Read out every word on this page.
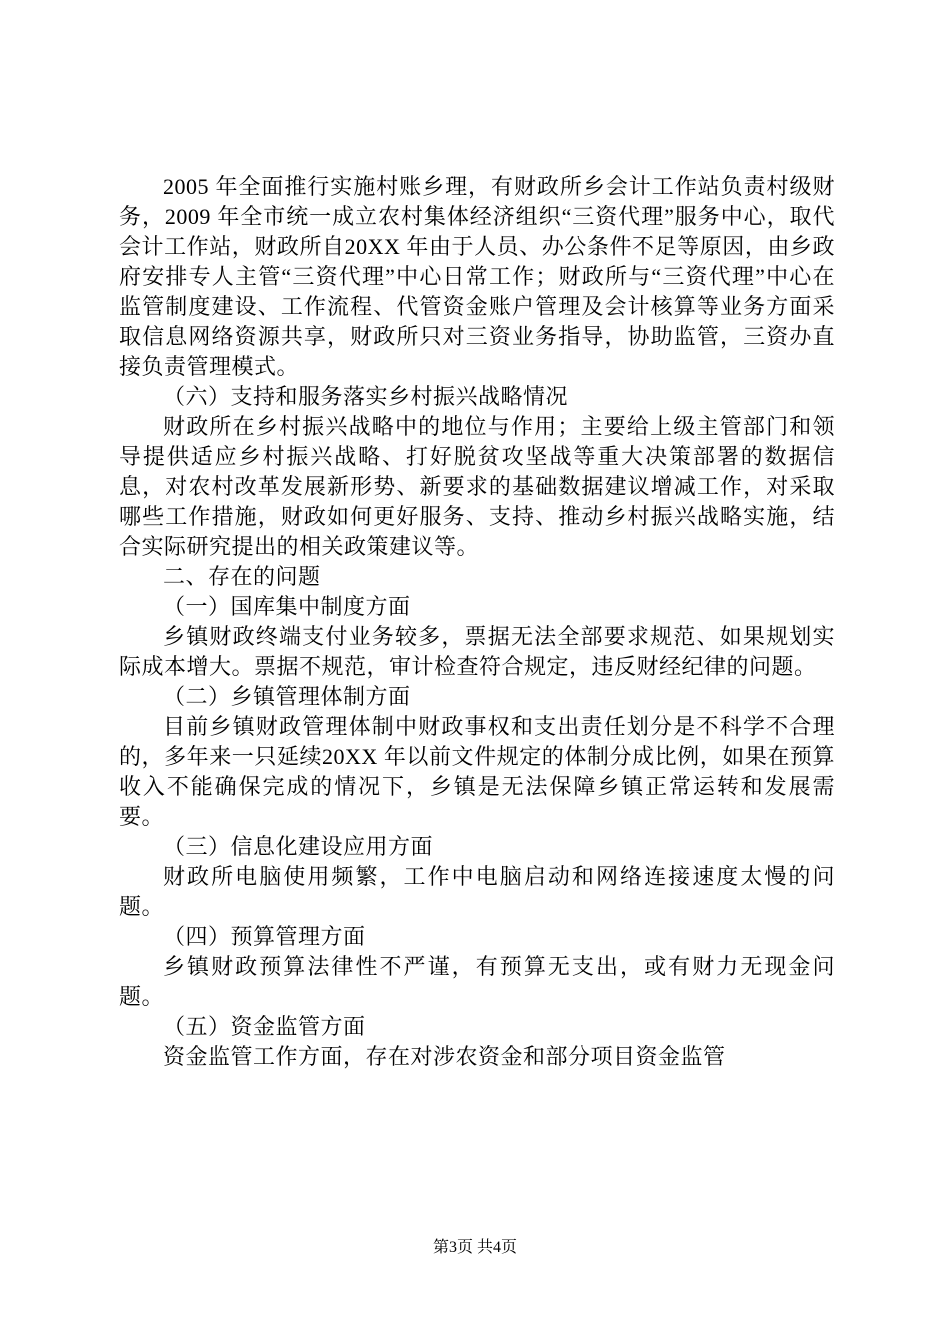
2005 年全面推行实施村账乡理，有财政所乡会计工作站负责村级财务，2009 年全市统一成立农村集体经济组织“三资代理”服务中心，取代会计工作站，财政所自20XX 年由于人员、办公条件不足等原因，由乡政府安排专人主管“三资代理”中心日常工作；财政所与“三资代理”中心在监管制度建设、工作流程、代管资金账户管理及会计核算等业务方面采取信息网络资源共享，财政所只对三资业务指导，协助监管，三资办直接负责管理模式。

（六）支持和服务落实乡村振兴战略情况

财政所在乡村振兴战略中的地位与作用；主要给上级主管部门和领导提供适应乡村振兴战略、打好脱贫攻坚战等重大决策部署的数据信息，对农村改革发展新形势、新要求的基础数据建议增减工作，对采取哪些工作措施，财政如何更好服务、支持、推动乡村振兴战略实施，结合实际研究提出的相关政策建议等。

二、存在的问题

（一）国库集中制度方面

乡镇财政终端支付业务较多，票据无法全部要求规范、如果规划实际成本增大。票据不规范，审计检查符合规定，违反财经纪律的问题。

（二）乡镇管理体制方面

目前乡镇财政管理体制中财政事权和支出责任划分是不科学不合理的，多年来一只延续20XX 年以前文件规定的体制分成比例，如果在预算收入不能确保完成的情况下，乡镇是无法保障乡镇正常运转和发展需要。

（三）信息化建设应用方面

财政所电脑使用频繁，工作中电脑启动和网络连接速度太慢的问题。

（四）预算管理方面

乡镇财政预算法律性不严谨，有预算无支出，或有财力无现金问题。

（五）资金监管方面

资金监管工作方面，存在对涉农资金和部分项目资金监管

第3页 共4页
